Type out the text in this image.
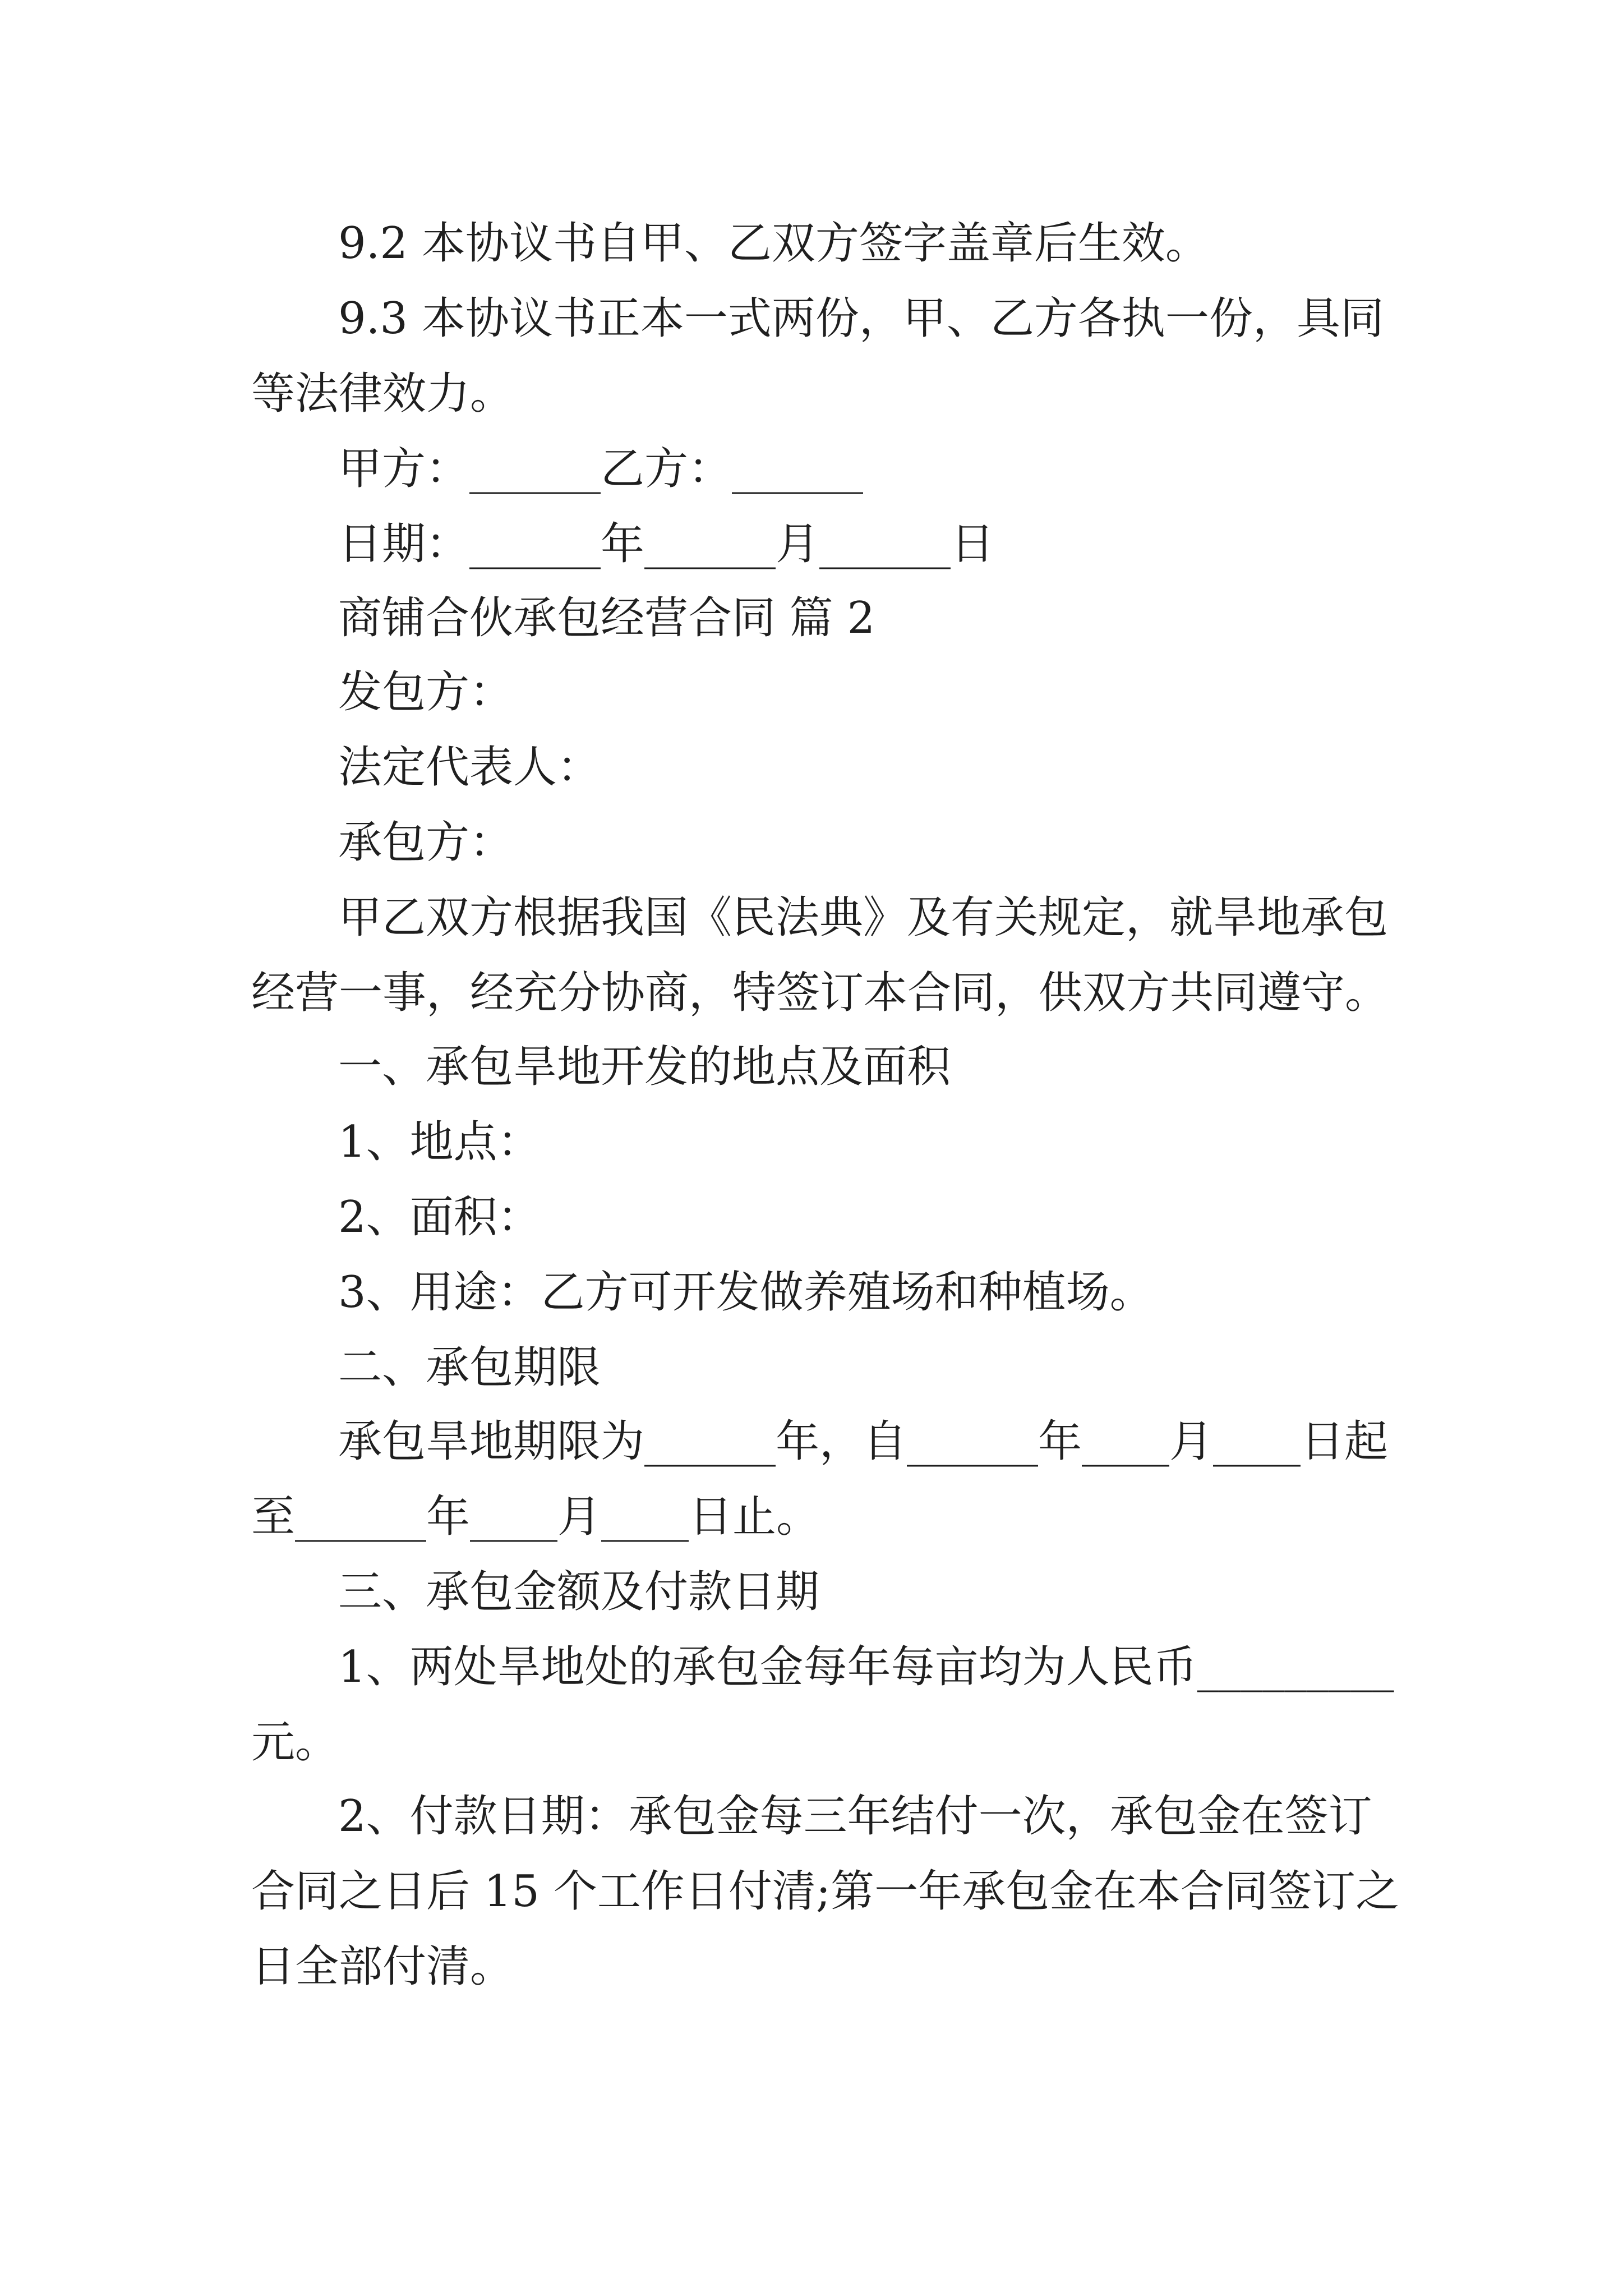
9.2 本协议书自甲、乙双方签字盖章后生效。
9.3 本协议书正本一式两份，甲、乙方各执一份，具同
等法律效力。
甲方：______乙方：______
日期：______年______月______日
商铺合伙承包经营合同 篇 2
发包方：
法定代表人：
承包方：
甲乙双方根据我国《民法典》及有关规定，就旱地承包
经营一事，经充分协商，特签订本合同，供双方共同遵守。
一、承包旱地开发的地点及面积
1、地点：
2、面积：
3、用途：乙方可开发做养殖场和种植场。
二、承包期限
承包旱地期限为______年，自______年____月____日起
至______年____月____日止。
三、承包金额及付款日期
1、两处旱地处的承包金每年每亩均为人民币_________
元。
2、付款日期：承包金每三年结付一次，承包金在签订
合同之日后 15 个工作日付清;第一年承包金在本合同签订之
日全部付清。
